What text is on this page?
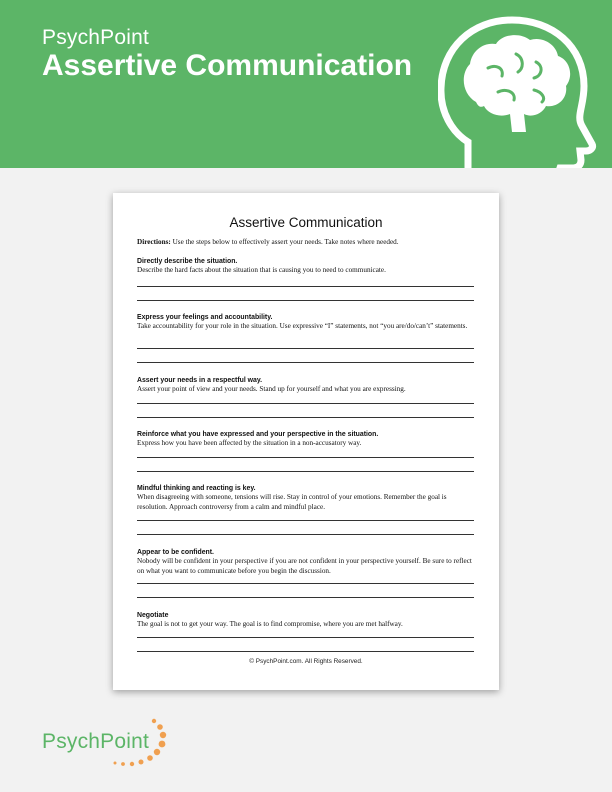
PsychPoint
Assertive Communication
Assertive Communication
Directions: Use the steps below to effectively assert your needs. Take notes where needed.
Directly describe the situation.
Describe the hard facts about the situation that is causing you to need to communicate.
Express your feelings and accountability.
Take accountability for your role in the situation. Use expressive “I” statements, not “you are/do/can’t” statements.
Assert your needs in a respectful way.
Assert your point of view and your needs. Stand up for yourself and what you are expressing.
Reinforce what you have expressed and your perspective in the situation.
Express how you have been affected by the situation in a non-accusatory way.
Mindful thinking and reacting is key.
When disagreeing with someone, tensions will rise. Stay in control of your emotions. Remember the goal is resolution. Approach controversy from a calm and mindful place.
Appear to be confident.
Nobody will be confident in your perspective if you are not confident in your perspective yourself. Be sure to reflect on what you want to communicate before you begin the discussion.
Negotiate
The goal is not to get your way. The goal is to find compromise, where you are met halfway.
© PsychPoint.com. All Rights Reserved.
PsychPoint
